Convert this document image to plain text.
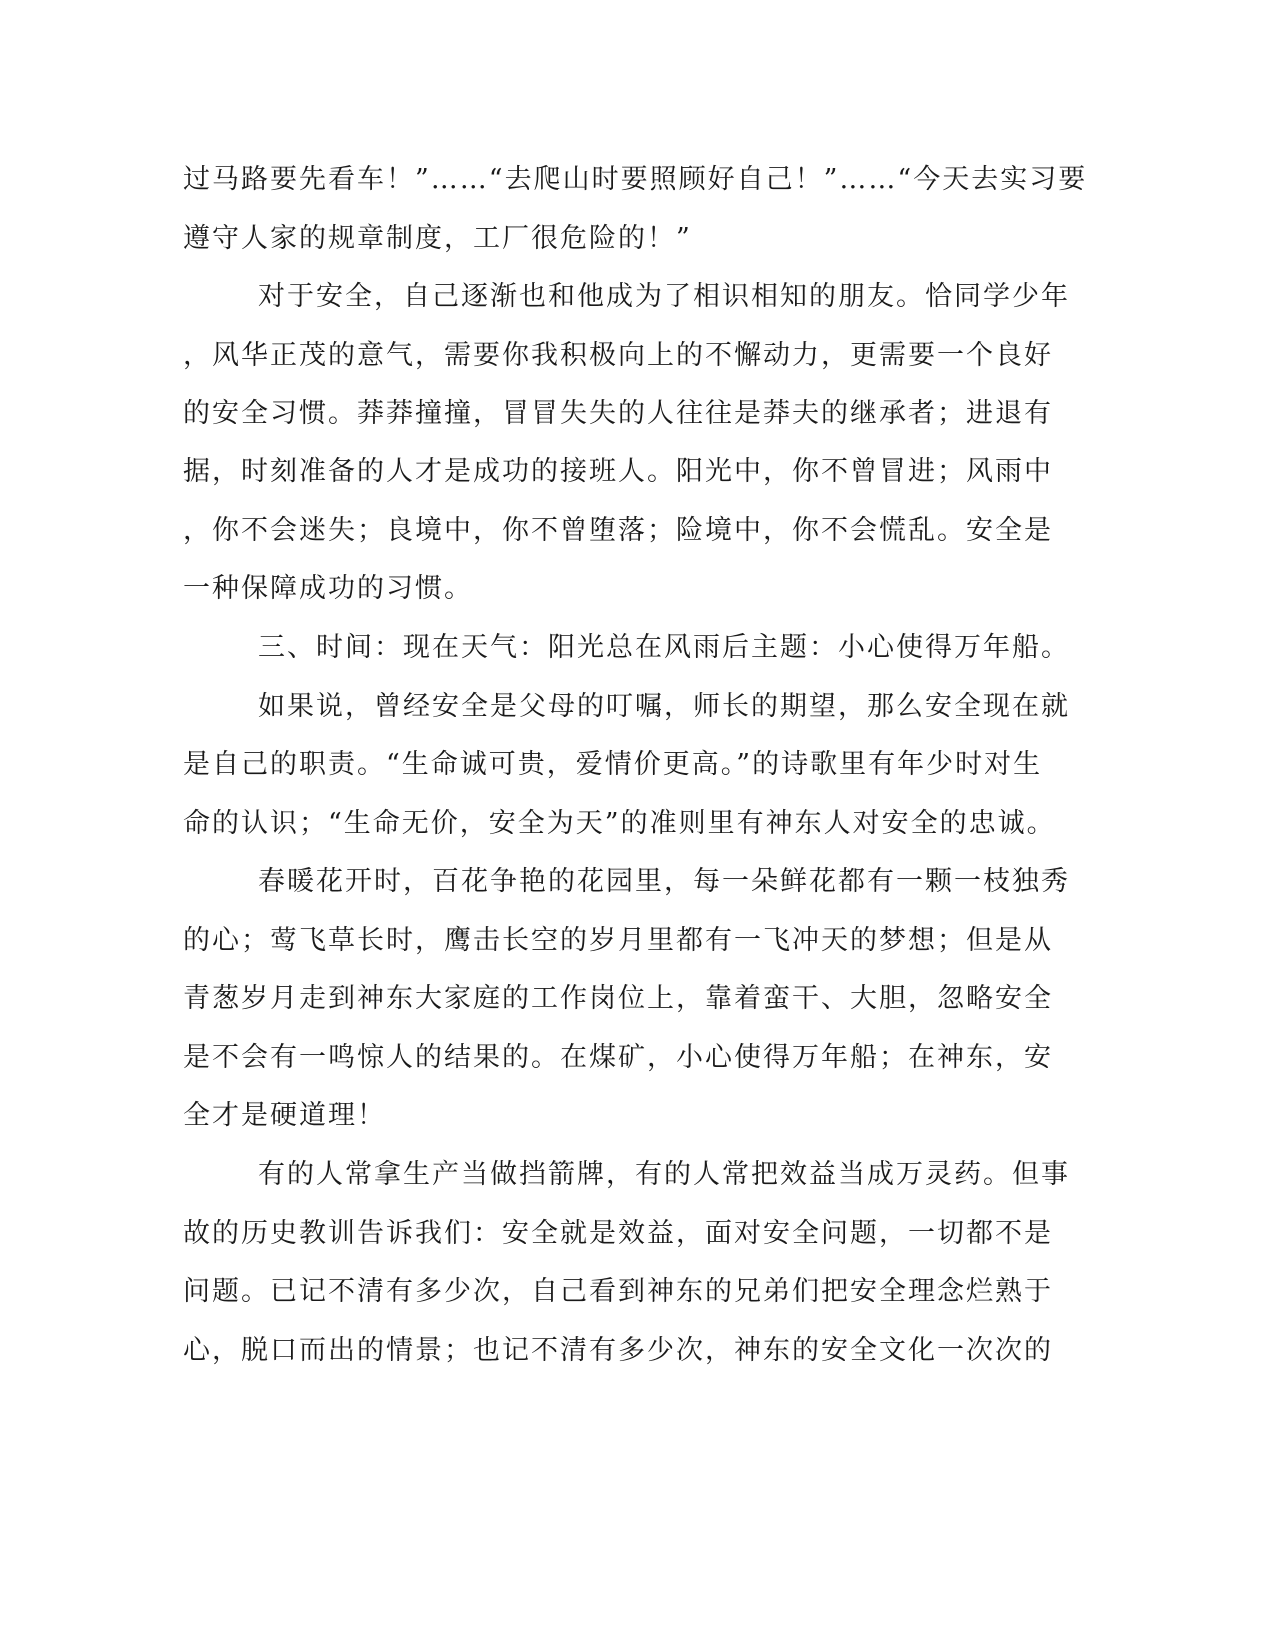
过马路要先看车！”……“去爬山时要照顾好自己！”……“今天去实习要
遵守人家的规章制度，工厂很危险的！”
对于安全，自己逐渐也和他成为了相识相知的朋友。恰同学少年
，风华正茂的意气，需要你我积极向上的不懈动力，更需要一个良好
的安全习惯。莽莽撞撞，冒冒失失的人往往是莽夫的继承者；进退有
据，时刻准备的人才是成功的接班人。阳光中，你不曾冒进；风雨中
，你不会迷失；良境中，你不曾堕落；险境中，你不会慌乱。安全是
一种保障成功的习惯。
三、时间：现在天气：阳光总在风雨后主题：小心使得万年船。
如果说，曾经安全是父母的叮嘱，师长的期望，那么安全现在就
是自己的职责。“生命诚可贵，爱情价更高。”的诗歌里有年少时对生
命的认识；“生命无价，安全为天”的准则里有神东人对安全的忠诚。
春暖花开时，百花争艳的花园里，每一朵鲜花都有一颗一枝独秀
的心；莺飞草长时，鹰击长空的岁月里都有一飞冲天的梦想；但是从
青葱岁月走到神东大家庭的工作岗位上，靠着蛮干、大胆，忽略安全
是不会有一鸣惊人的结果的。在煤矿，小心使得万年船；在神东，安
全才是硬道理！
有的人常拿生产当做挡箭牌，有的人常把效益当成万灵药。但事
故的历史教训告诉我们：安全就是效益，面对安全问题，一切都不是
问题。已记不清有多少次，自己看到神东的兄弟们把安全理念烂熟于
心，脱口而出的情景；也记不清有多少次，神东的安全文化一次次的
